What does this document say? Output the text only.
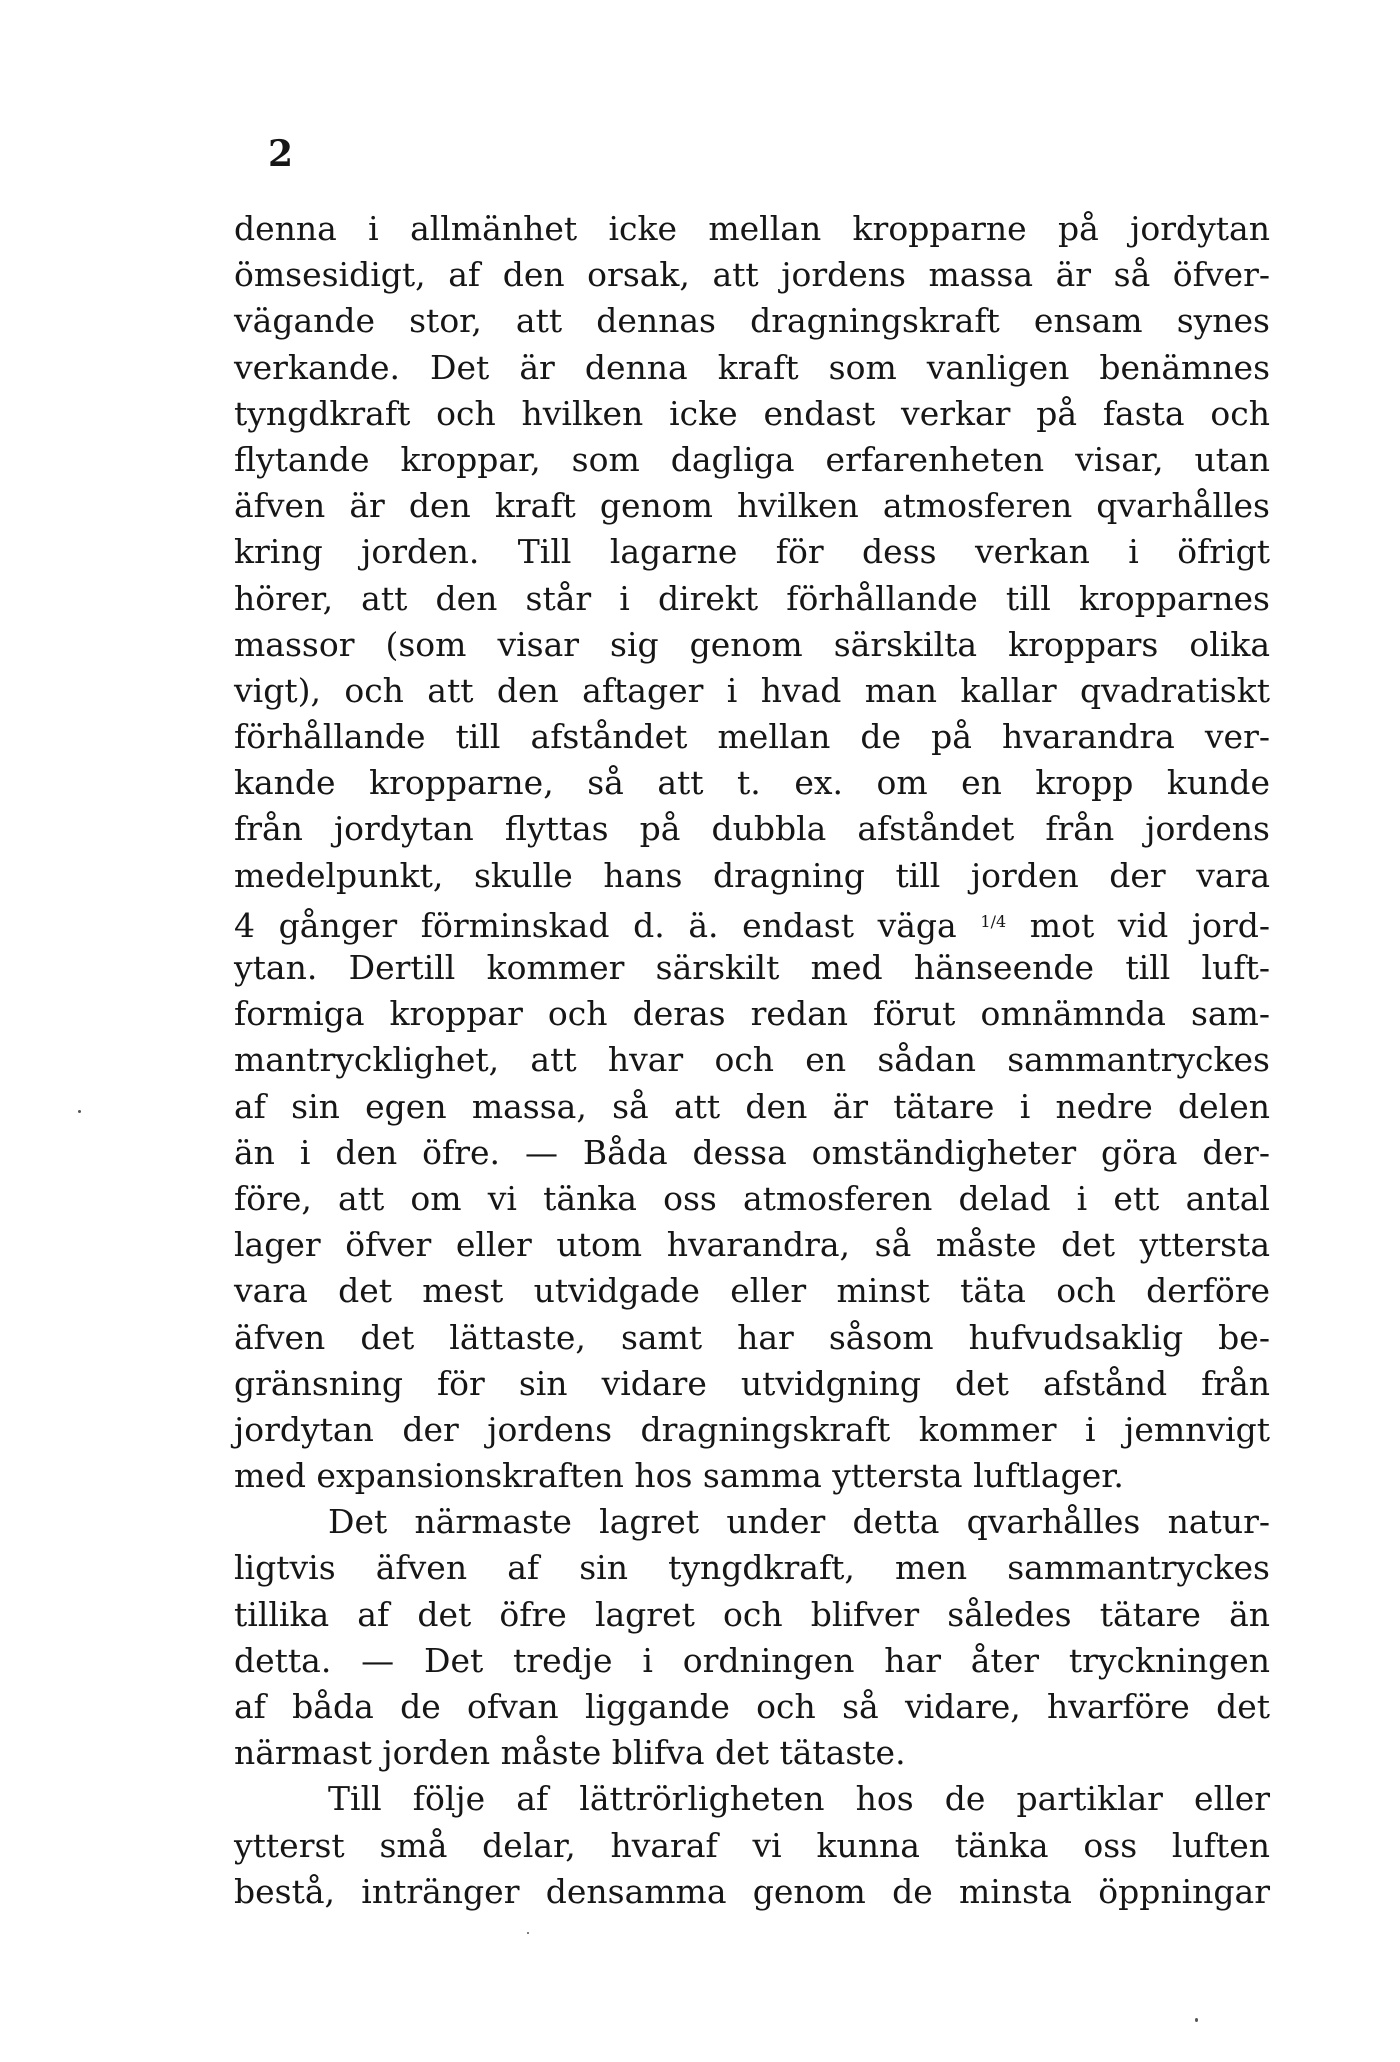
2
denna i allmänhet icke mellan kropparne på jordytan
ömsesidigt, af den orsak, att jordens massa är så öfver-
vägande stor, att dennas dragningskraft ensam synes
verkande. Det är denna kraft som vanligen benämnes
tyngdkraft och hvilken icke endast verkar på fasta och
flytande kroppar, som dagliga erfarenheten visar, utan
äfven är den kraft genom hvilken atmosferen qvarhålles
kring jorden. Till lagarne för dess verkan i öfrigt
hörer, att den står i direkt förhållande till kropparnes
massor (som visar sig genom särskilta kroppars olika
vigt), och att den aftager i hvad man kallar qvadratiskt
förhållande till afståndet mellan de på hvarandra ver-
kande kropparne, så att t. ex. om en kropp kunde
från jordytan flyttas på dubbla afståndet från jordens
medelpunkt, skulle hans dragning till jorden der vara
4 gånger förminskad d. ä. endast väga $^{1/4}$ mot vid jord-
ytan. Dertill kommer särskilt med hänseende till luft-
formiga kroppar och deras redan förut omnämnda sam-
mantrycklighet, att hvar och en sådan sammantryckes
af sin egen massa, så att den är tätare i nedre delen
än i den öfre. — Båda dessa omständigheter göra der-
före, att om vi tänka oss atmosferen delad i ett antal
lager öfver eller utom hvarandra, så måste det yttersta
vara det mest utvidgade eller minst täta och derföre
äfven det lättaste, samt har såsom hufvudsaklig be-
gränsning för sin vidare utvidgning det afstånd från
jordytan der jordens dragningskraft kommer i jemnvigt
med expansionskraften hos samma yttersta luftlager.
Det närmaste lagret under detta qvarhålles natur-
ligtvis äfven af sin tyngdkraft, men sammantryckes
tillika af det öfre lagret och blifver således tätare än
detta. — Det tredje i ordningen har åter tryckningen
af båda de ofvan liggande och så vidare, hvarföre det
närmast jorden måste blifva det tätaste.
Till följe af lättrörligheten hos de partiklar eller
ytterst små delar, hvaraf vi kunna tänka oss luften
bestå, intränger densamma genom de minsta öppningar
